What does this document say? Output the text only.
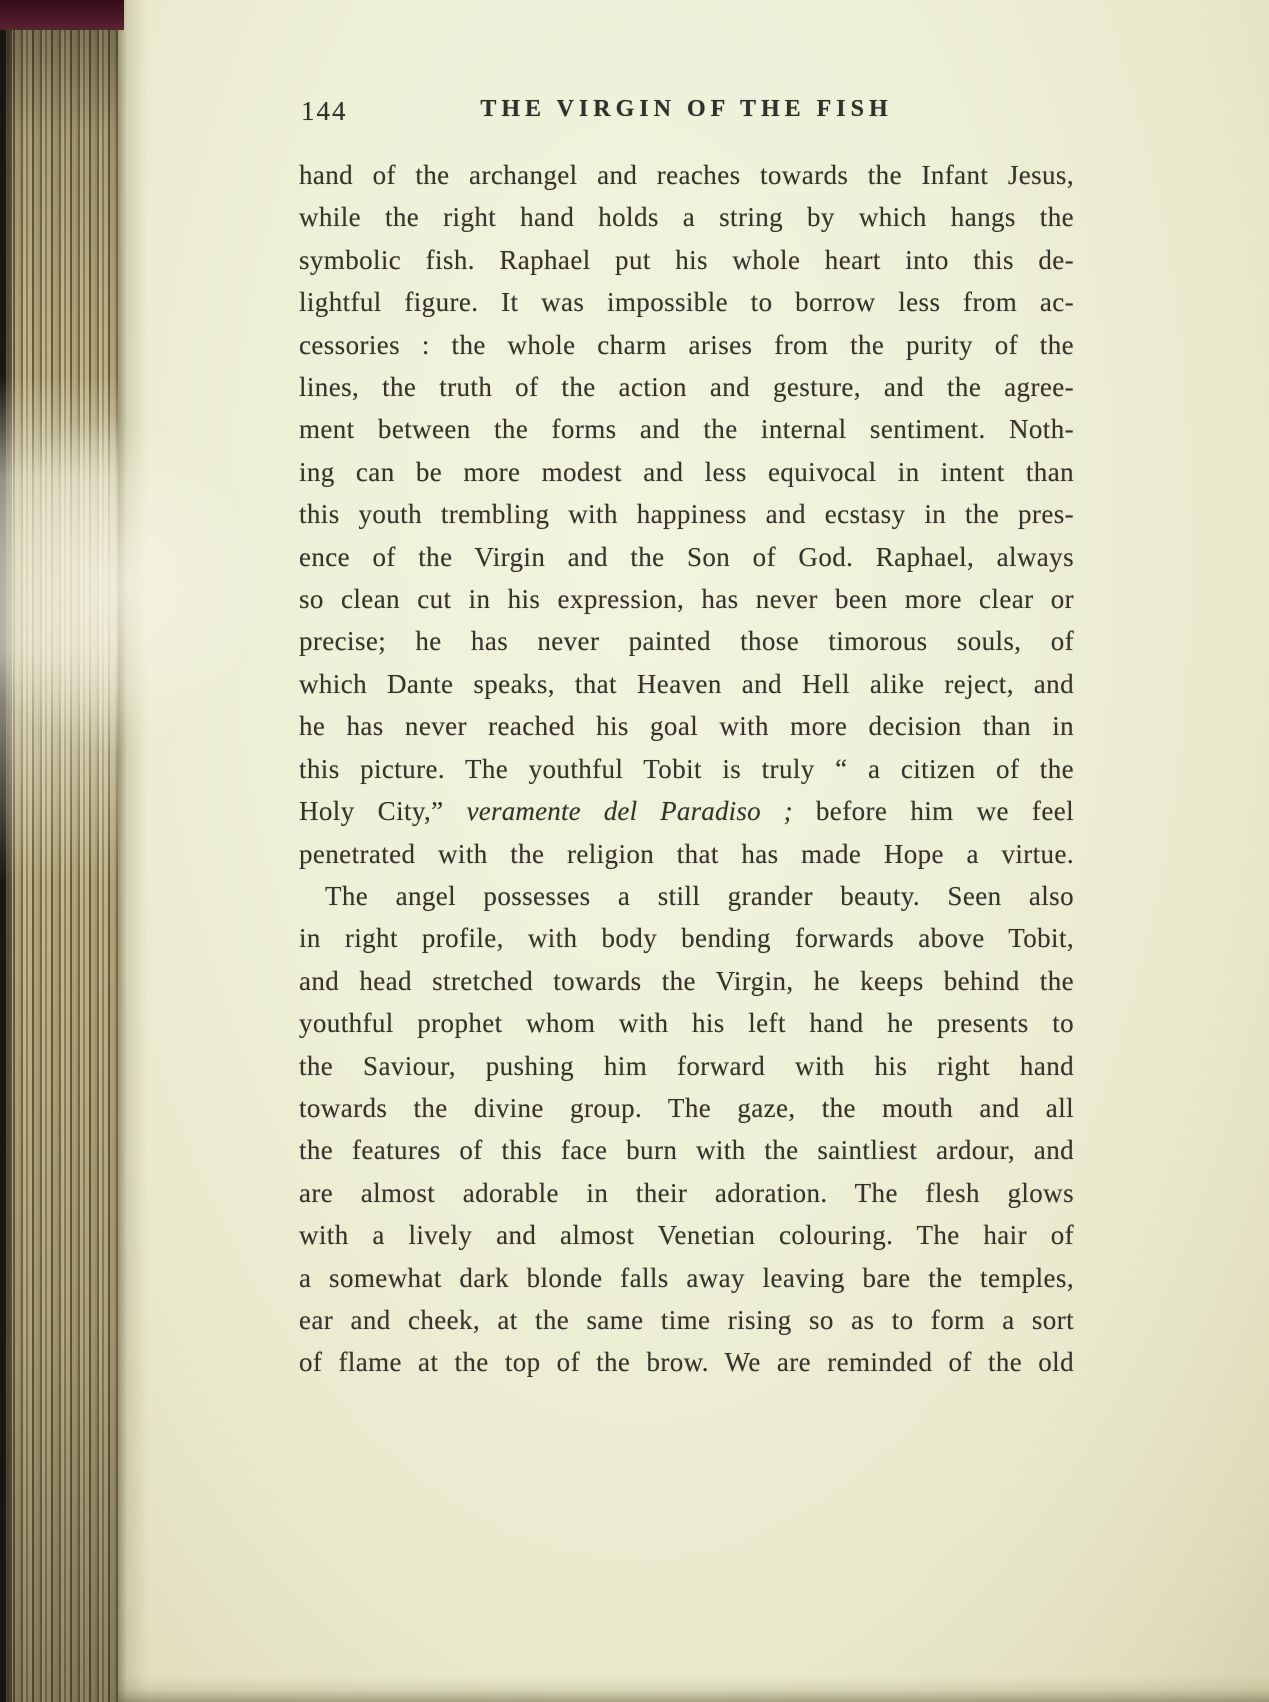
144	THE VIRGIN OF THE FISH
hand of the archangel and reaches towards the Infant Jesus,
while the right hand holds a string by which hangs the
symbolic fish. Raphael put his whole heart into this de-
lightful figure. It was impossible to borrow less from ac-
cessories : the whole charm arises from the purity of the
lines, the truth of the action and gesture, and the agree-
ment between the forms and the internal sentiment. Noth-
ing can be more modest and less equivocal in intent than
this youth trembling with happiness and ecstasy in the pres-
ence of the Virgin and the Son of God. Raphael, always
so clean cut in his expression, has never been more clear or
precise; he has never painted those timorous souls, of
which Dante speaks, that Heaven and Hell alike reject, and
he has never reached his goal with more decision than in
this picture. The youthful Tobit is truly “ a citizen of the
Holy City,” veramente del Paradiso ; before him we feel
penetrated with the religion that has made Hope a virtue.
The angel possesses a still grander beauty. Seen also
in right profile, with body bending forwards above Tobit,
and head stretched towards the Virgin, he keeps behind the
youthful prophet whom with his left hand he presents to
the Saviour, pushing him forward with his right hand
towards the divine group. The gaze, the mouth and all
the features of this face burn with the saintliest ardour, and
are almost adorable in their adoration. The flesh glows
with a lively and almost Venetian colouring. The hair of
a somewhat dark blonde falls away leaving bare the temples,
ear and cheek, at the same time rising so as to form a sort
of flame at the top of the brow. We are reminded of the old
